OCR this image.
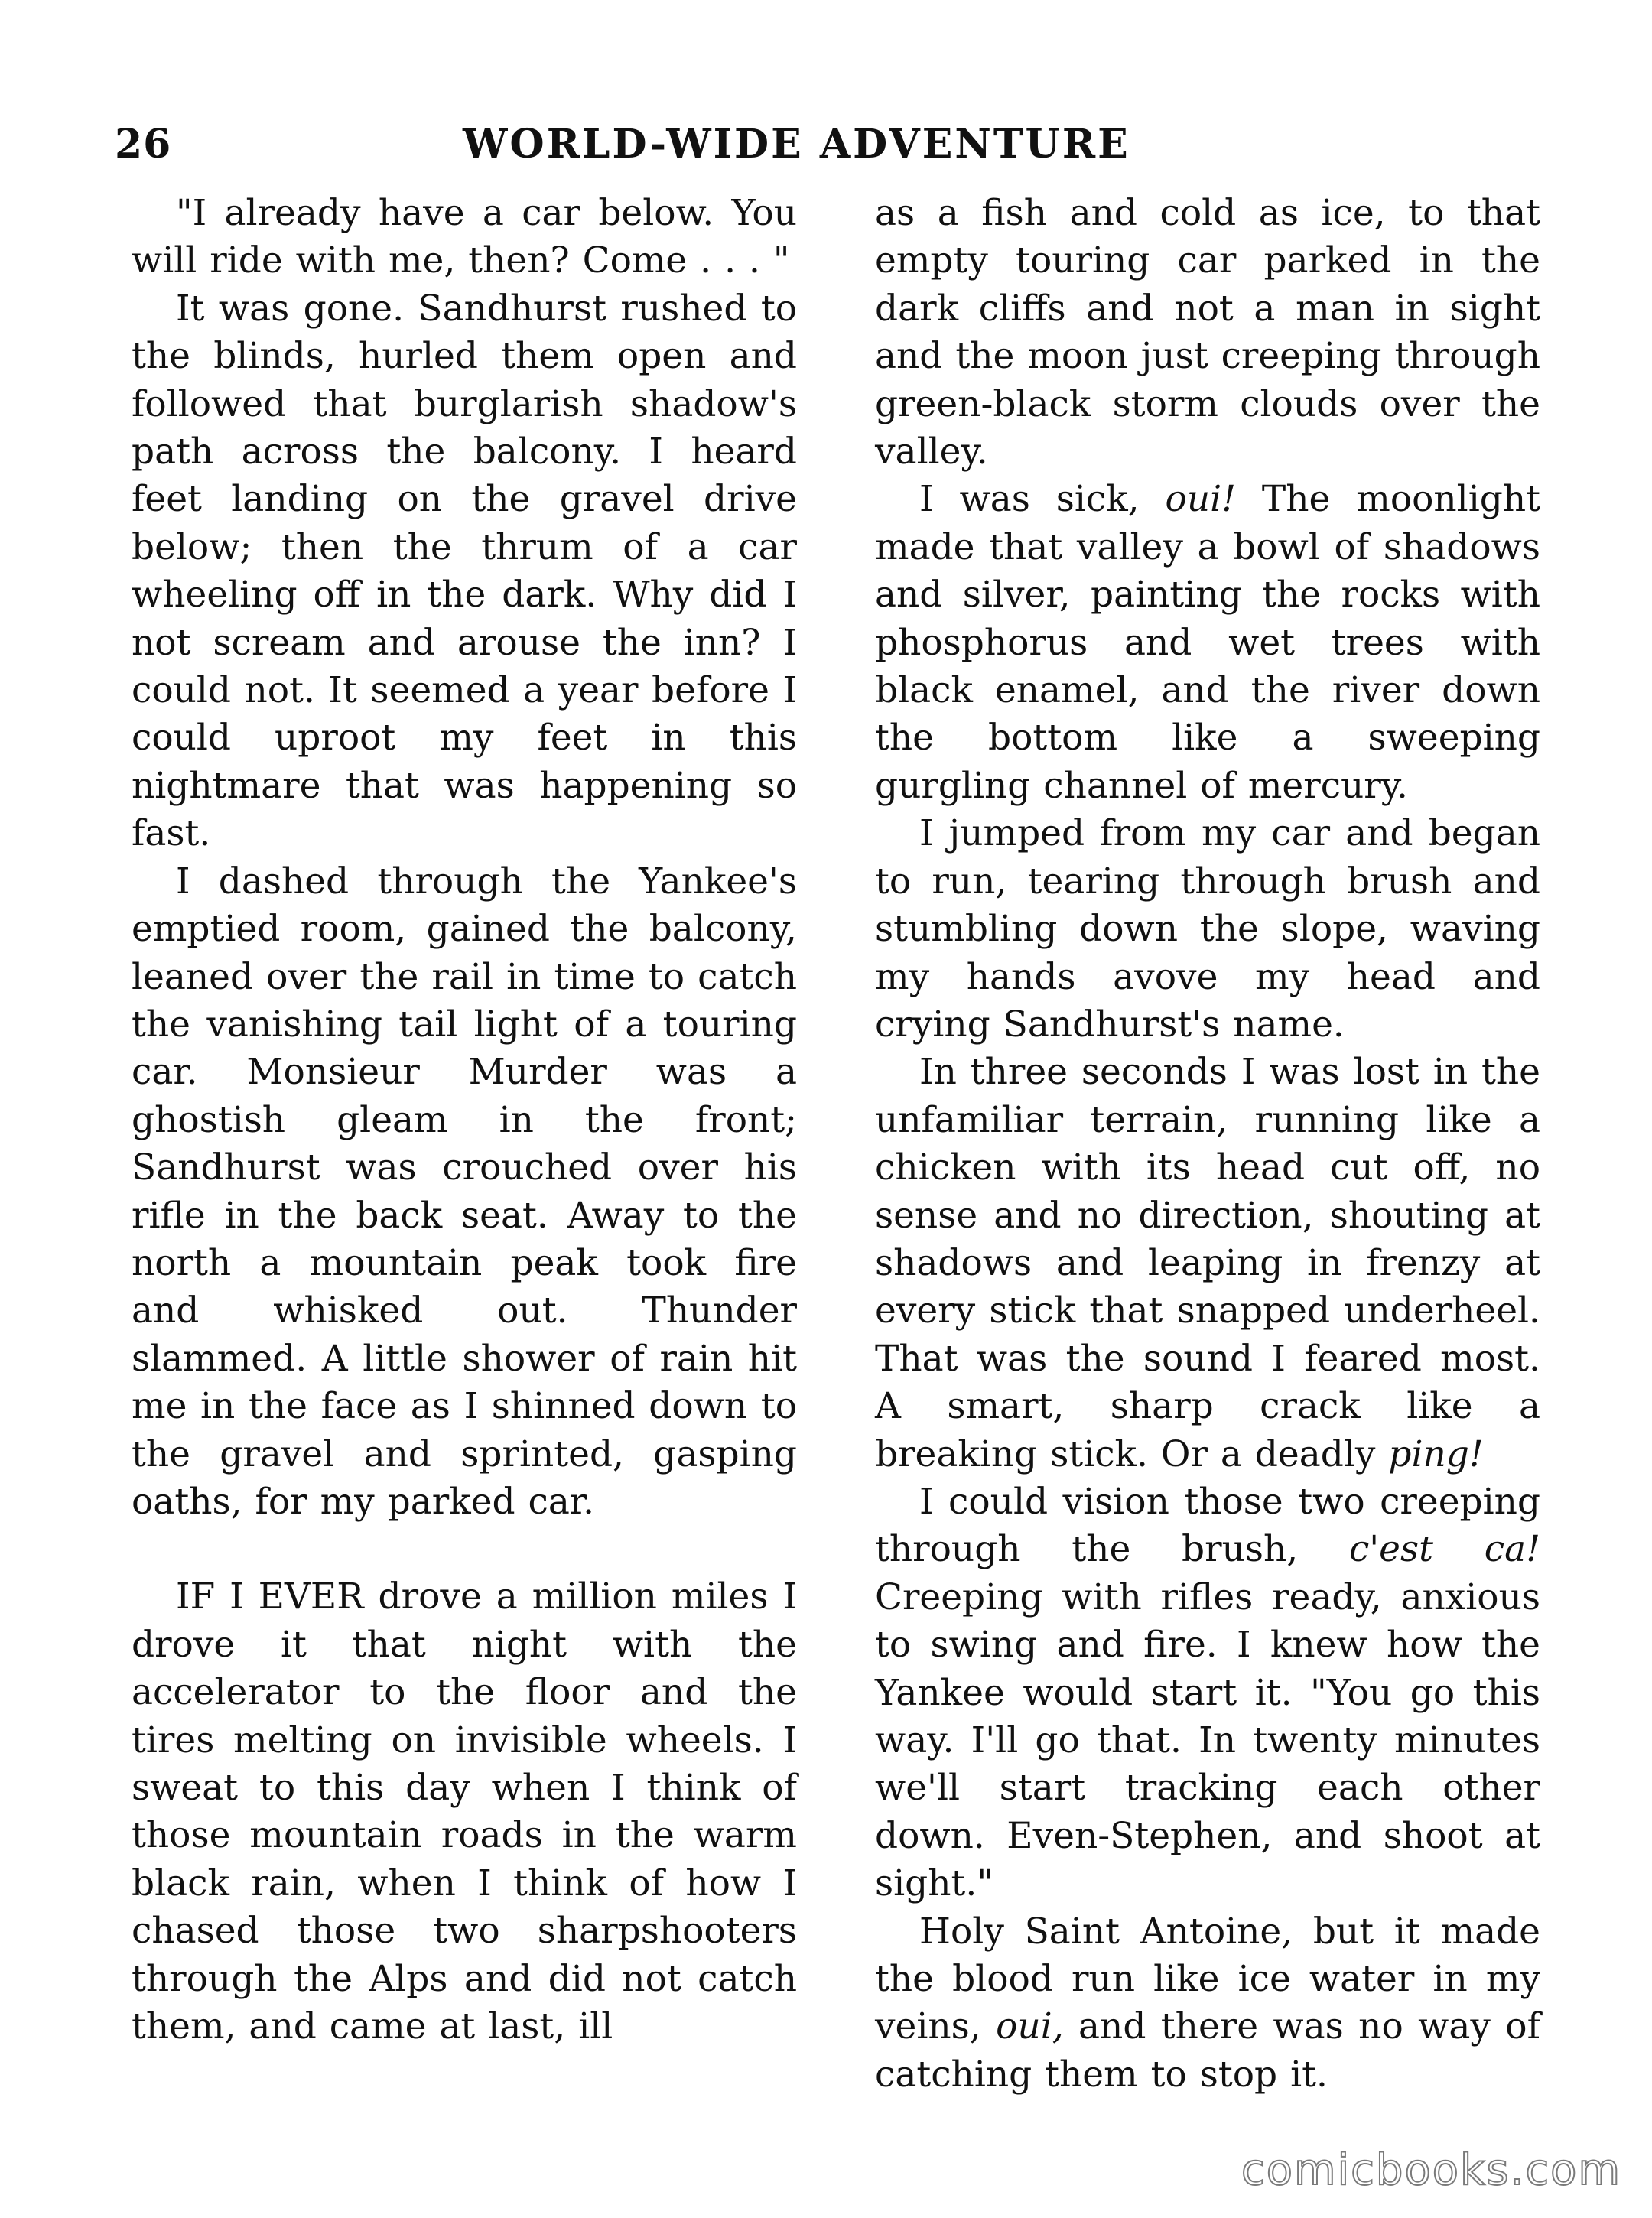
26	WORLD-WIDE ADVENTURE

"I already have a car below. You will ride with me, then? Come . . . "

It was gone. Sandhurst rushed to the blinds, hurled them open and followed that burglarish shadow's path across the balcony. I heard feet landing on the gravel drive below; then the thrum of a car wheeling off in the dark. Why did I not scream and arouse the inn? I could not. It seemed a year before I could uproot my feet in this nightmare that was happening so fast.

I dashed through the Yankee's emptied room, gained the balcony, leaned over the rail in time to catch the vanishing tail light of a touring car. Monsieur Murder was a ghostish gleam in the front; Sandhurst was crouched over his rifle in the back seat. Away to the north a mountain peak took fire and whisked out. Thunder slammed. A little shower of rain hit me in the face as I shinned down to the gravel and sprinted, gasping oaths, for my parked car.

IF I EVER drove a million miles I drove it that night with the accelerator to the floor and the tires melting on invisible wheels. I sweat to this day when I think of those mountain roads in the warm black rain, when I think of how I chased those two sharpshooters through the Alps and did not catch them, and came at last, ill

as a fish and cold as ice, to that empty touring car parked in the dark cliffs and not a man in sight and the moon just creeping through green-black storm clouds over the valley.

I was sick, oui! The moonlight made that valley a bowl of shadows and silver, painting the rocks with phosphorus and wet trees with black enamel, and the river down the bottom like a sweeping gurgling channel of mercury.

I jumped from my car and began to run, tearing through brush and stumbling down the slope, waving my hands avove my head and crying Sandhurst's name.

In three seconds I was lost in the unfamiliar terrain, running like a chicken with its head cut off, no sense and no direction, shouting at shadows and leaping in frenzy at every stick that snapped underheel. That was the sound I feared most. A smart, sharp crack like a breaking stick. Or a deadly ping!

I could vision those two creeping through the brush, c'est ca! Creeping with rifles ready, anxious to swing and fire. I knew how the Yankee would start it. "You go this way. I'll go that. In twenty minutes we'll start tracking each other down. Even-Stephen, and shoot at sight."

Holy Saint Antoine, but it made the blood run like ice water in my veins, oui, and there was no way of catching them to stop it.

comicbooks.com
